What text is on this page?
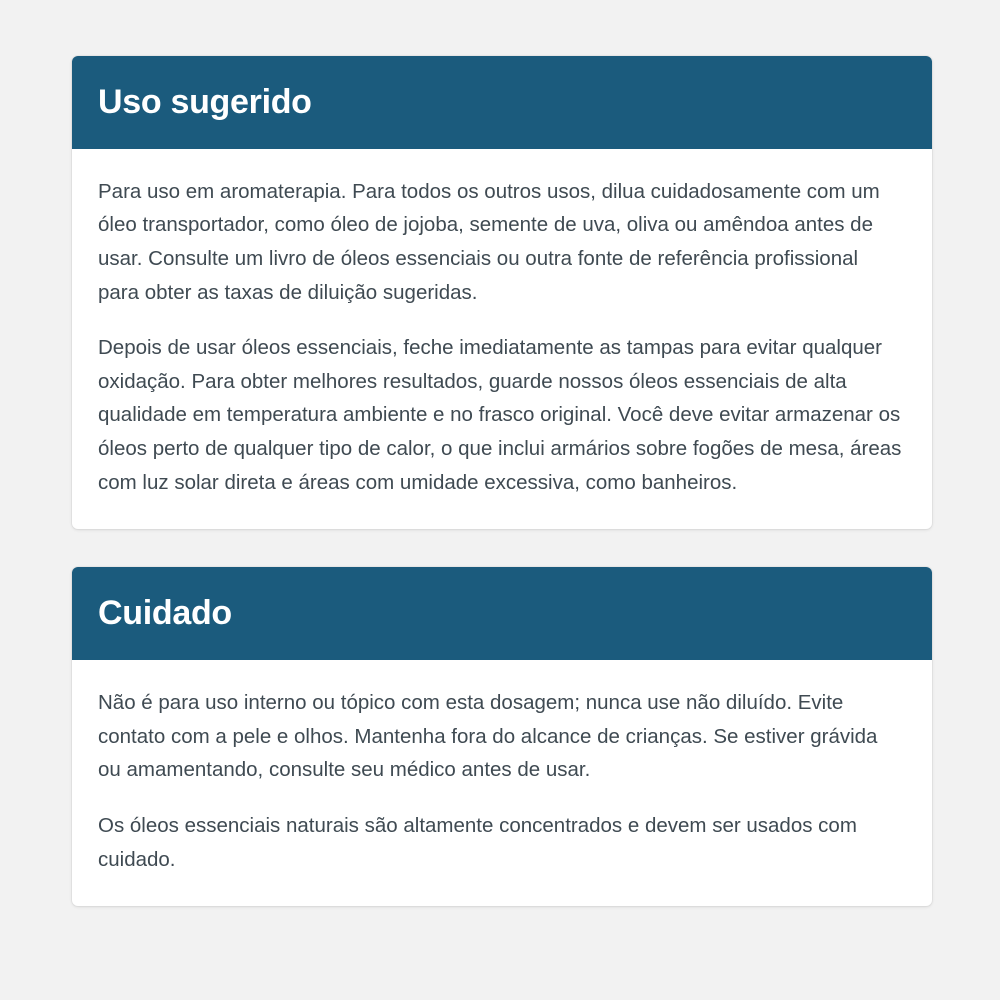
Uso sugerido

Para uso em aromaterapia. Para todos os outros usos, dilua cuidadosamente com um óleo transportador, como óleo de jojoba, semente de uva, oliva ou amêndoa antes de usar. Consulte um livro de óleos essenciais ou outra fonte de referência profissional para obter as taxas de diluição sugeridas.

Depois de usar óleos essenciais, feche imediatamente as tampas para evitar qualquer oxidação. Para obter melhores resultados, guarde nossos óleos essenciais de alta qualidade em temperatura ambiente e no frasco original. Você deve evitar armazenar os óleos perto de qualquer tipo de calor, o que inclui armários sobre fogões de mesa, áreas com luz solar direta e áreas com umidade excessiva, como banheiros.

Cuidado

Não é para uso interno ou tópico com esta dosagem; nunca use não diluído. Evite contato com a pele e olhos. Mantenha fora do alcance de crianças. Se estiver grávida ou amamentando, consulte seu médico antes de usar.

Os óleos essenciais naturais são altamente concentrados e devem ser usados com cuidado.
